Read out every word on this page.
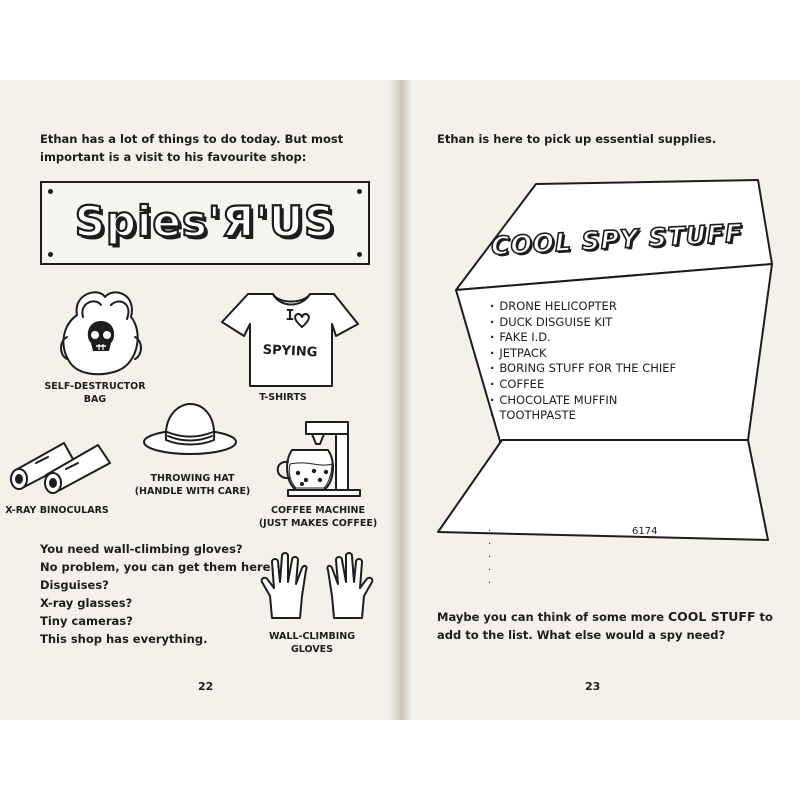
Ethan has a lot of things to do today. But most
important is a visit to his favourite shop:

Spies'Я'US
SELF-DESTRUCTOR
BAG
I
SPYING
T-SHIRTS
THROWING HAT
(HANDLE WITH CARE)
X-RAY BINOCULARS	COFFEE MACHINE
(JUST MAKES COFFEE)
WALL-CLIMBING
GLOVES

You need wall-climbing gloves?
No problem, you can get them here.
Disguises?
X-ray glasses?
Tiny cameras?
This shop has everything.

22

Ethan is here to pick up essential supplies.

COOL SPY STUFF
· DRONE HELICOPTER
· DUCK DISGUISE KIT
· FAKE I.D.
· JETPACK
· BORING STUFF FOR THE CHIEF
· COFFEE
· CHOCOLATE MUFFIN
· TOOTHPASTE
·
·
·
·
·
6174

Maybe you can think of some more COOL STUFF to
add to the list. What else would a spy need?

23
